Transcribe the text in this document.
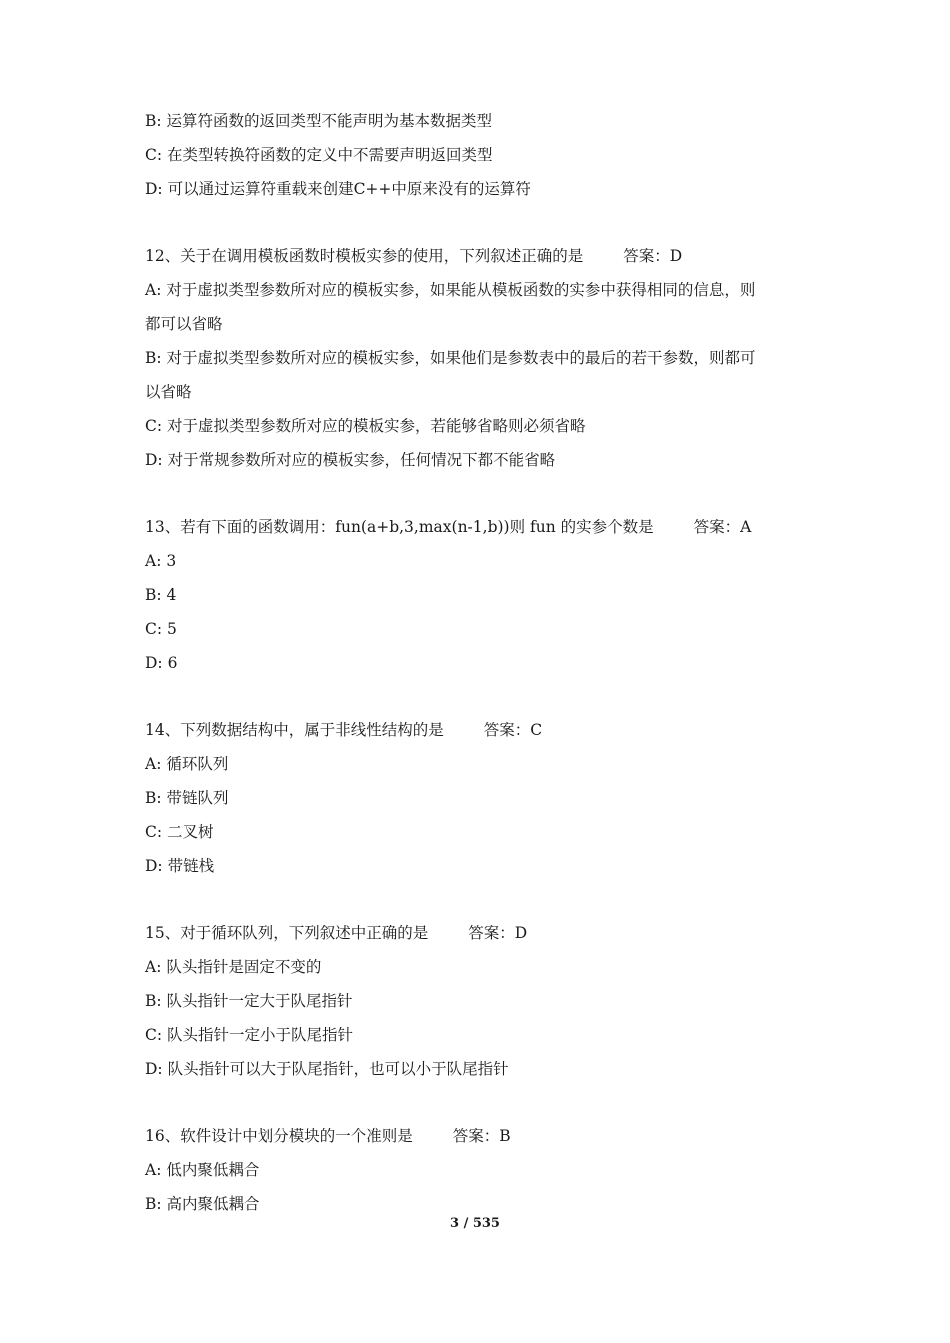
B: 运算符函数的返回类型不能声明为基本数据类型
C: 在类型转换符函数的定义中不需要声明返回类型
D: 可以通过运算符重载来创建C++中原来没有的运算符
12、关于在调用模板函数时模板实参的使用，下列叙述正确的是	答案：D
A: 对于虚拟类型参数所对应的模板实参，如果能从模板函数的实参中获得相同的信息，则
都可以省略
B: 对于虚拟类型参数所对应的模板实参，如果他们是参数表中的最后的若干参数，则都可
以省略
C: 对于虚拟类型参数所对应的模板实参，若能够省略则必须省略
D: 对于常规参数所对应的模板实参，任何情况下都不能省略
13、若有下面的函数调用：fun(a+b,3,max(n-1,b))则 fun 的实参个数是	答案：A
A: 3
B: 4
C: 5
D: 6
14、下列数据结构中，属于非线性结构的是	答案：C
A: 循环队列
B: 带链队列
C: 二叉树
D: 带链栈
15、对于循环队列，下列叙述中正确的是	答案：D
A: 队头指针是固定不变的
B: 队头指针一定大于队尾指针
C: 队头指针一定小于队尾指针
D: 队头指针可以大于队尾指针，也可以小于队尾指针
16、软件设计中划分模块的一个准则是	答案：B
A: 低内聚低耦合
B: 高内聚低耦合
3 / 535
